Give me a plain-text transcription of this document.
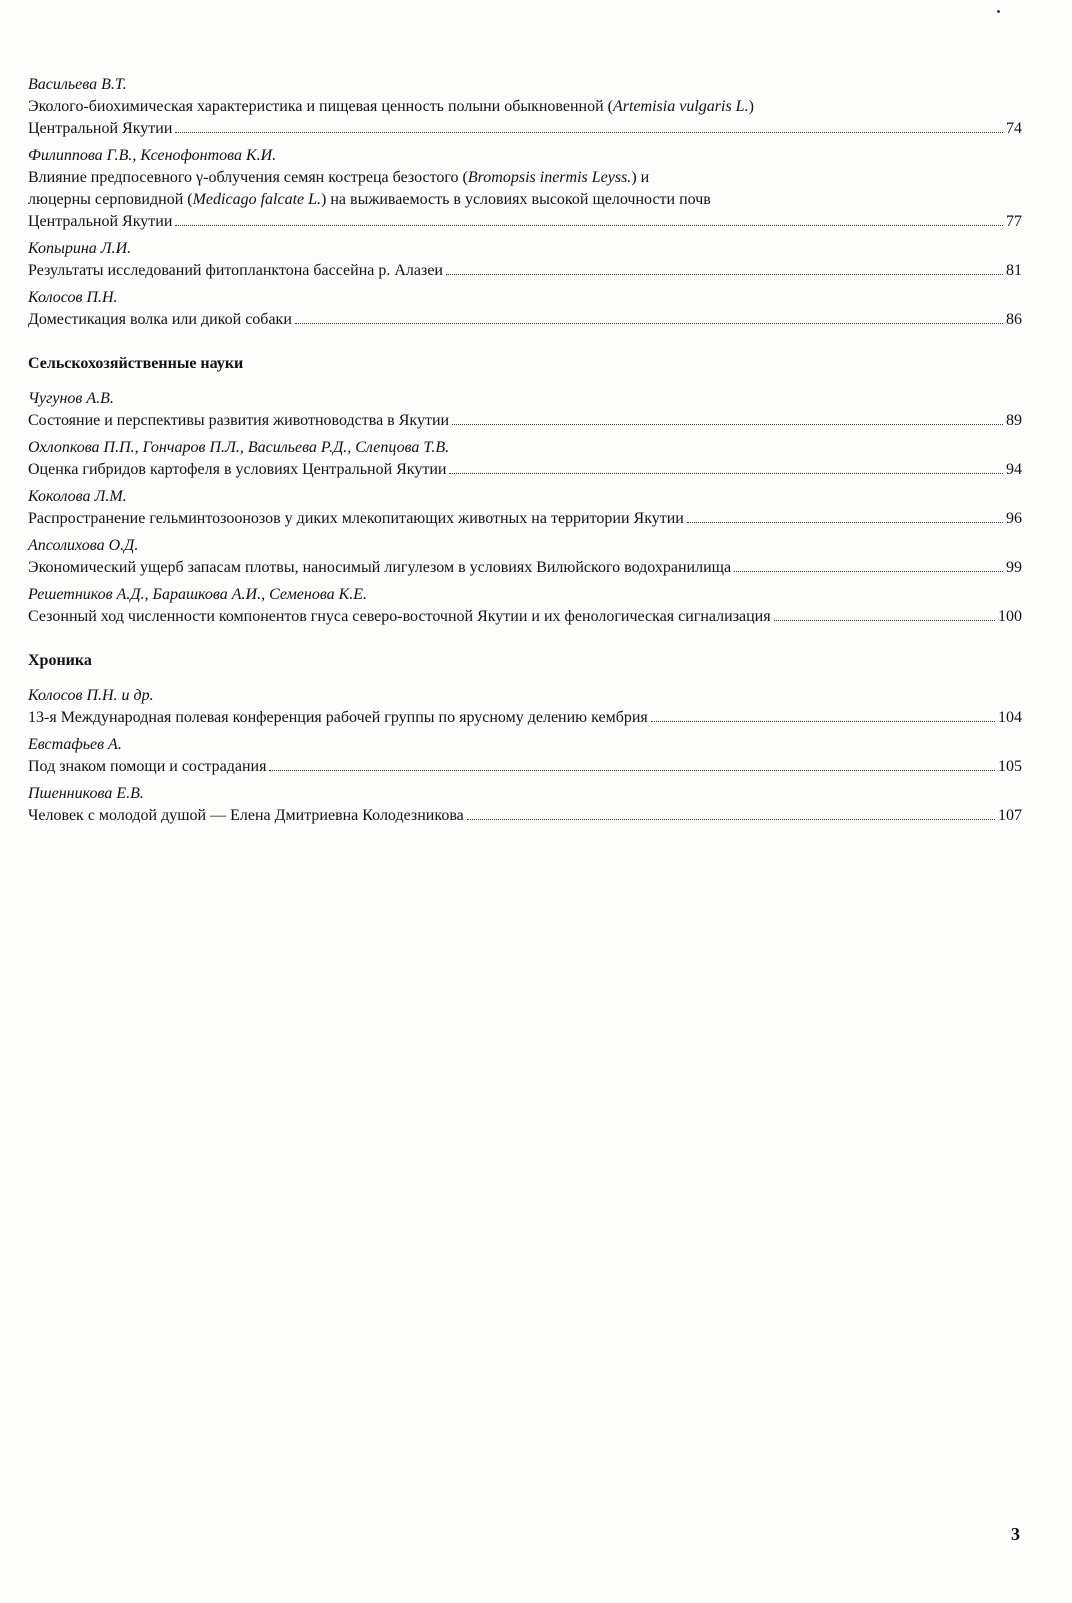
Васильева В.Т.
Эколого-биохимическая характеристика и пищевая ценность полыни обыкновенной (Artemisia vulgaris L.)
Центральной Якутии	74
Филиппова Г.В., Ксенофонтова К.И.
Влияние предпосевного γ-облучения семян кострeца безостого (Bromopsis inermis Leyss.) и
люцерны серповидной (Medicago falcate L.) на выживаемость в условиях высокой щелочности почв
Центральной Якутии	77
Копырина Л.И.
Результаты исследований фитопланктона бассейна р. Алазеи	81
Колосов П.Н.
Доместикация волка или дикой собаки	86
Сельскохозяйственные науки
Чугунов А.В.
Состояние и перспективы развития животноводства в Якутии	89
Охлопкова П.П., Гончаров П.Л., Васильева Р.Д., Слепцова Т.В.
Оценка гибридов картофеля в условиях Центральной Якутии	94
Коколова Л.М.
Распространение гельминтозоонозов у диких млекопитающих животных на территории Якутии	96
Апсолихова О.Д.
Экономический ущерб запасам плотвы, наносимый лигулезом в условиях Вилюйского водохранилища	99
Решетников А.Д., Барашкова А.И., Семенова К.Е.
Сезонный ход численности компонентов гнуса северо-восточной Якутии и их фенологическая сигнализация	100
Хроника
Колосов П.Н. и др.
13-я Международная полевая конференция рабочей группы по ярусному делению кембрия	104
Евстафьев А.
Под знаком помощи и сострадания	105
Пшенникова Е.В.
Человек с молодой душой — Елена Дмитриевна Колодезникова	107
3
